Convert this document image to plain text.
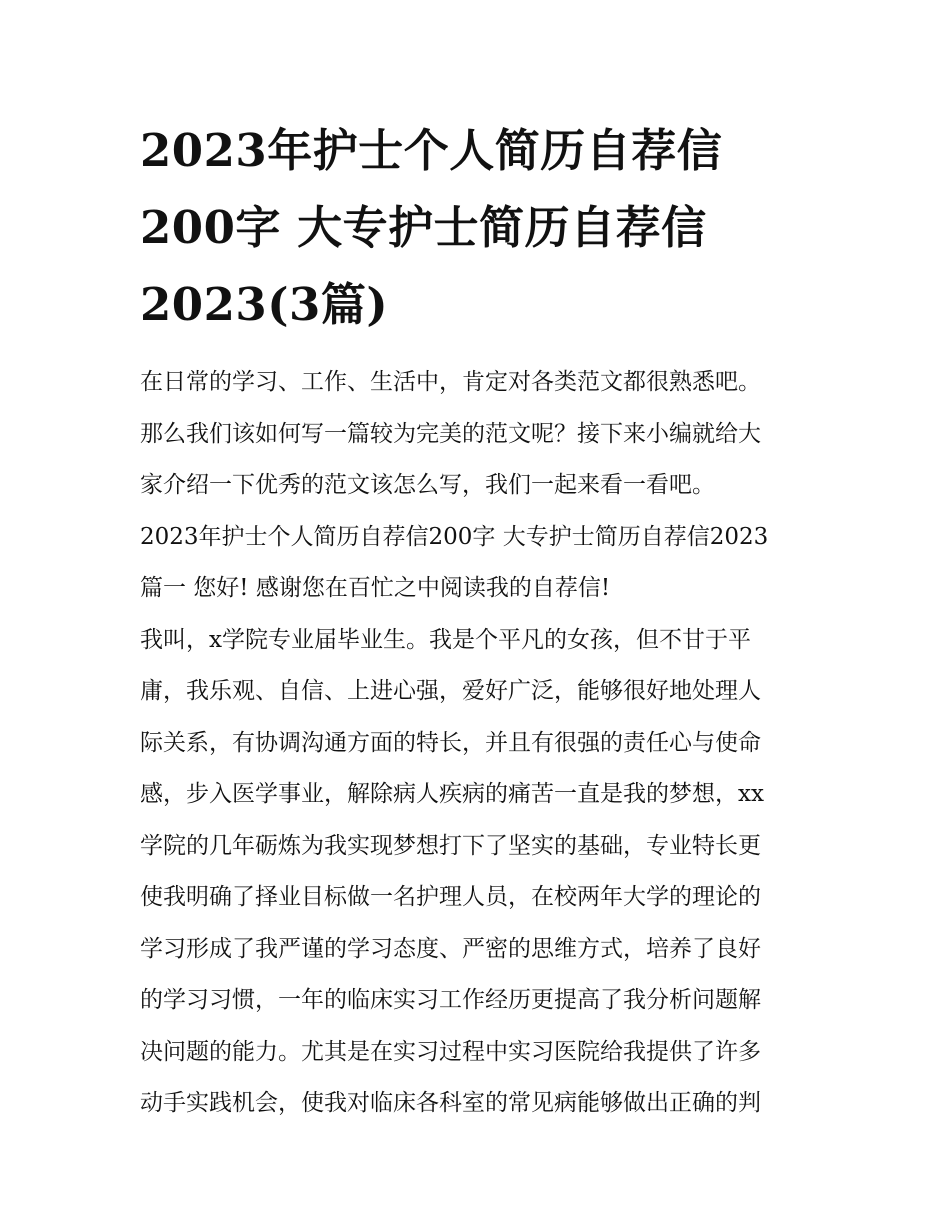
2023年护士个人简历自荐信
200字 大专护士简历自荐信
2023(3篇)
在日常的学习、工作、生活中，肯定对各类范文都很熟悉吧。
那么我们该如何写一篇较为完美的范文呢？接下来小编就给大
家介绍一下优秀的范文该怎么写，我们一起来看一看吧。
2023年护士个人简历自荐信200字 大专护士简历自荐信2023
篇一 您好! 感谢您在百忙之中阅读我的自荐信!
我叫，x学院专业届毕业生。我是个平凡的女孩，但不甘于平
庸，我乐观、自信、上进心强，爱好广泛，能够很好地处理人
际关系，有协调沟通方面的特长，并且有很强的责任心与使命
感，步入医学事业，解除病人疾病的痛苦一直是我的梦想，xx
学院的几年砺炼为我实现梦想打下了坚实的基础，专业特长更
使我明确了择业目标做一名护理人员，在校两年大学的理论的
学习形成了我严谨的学习态度、严密的思维方式，培养了良好
的学习习惯，一年的临床实习工作经历更提高了我分析问题解
决问题的能力。尤其是在实习过程中实习医院给我提供了许多
动手实践机会，使我对临床各科室的常见病能够做出正确的判
